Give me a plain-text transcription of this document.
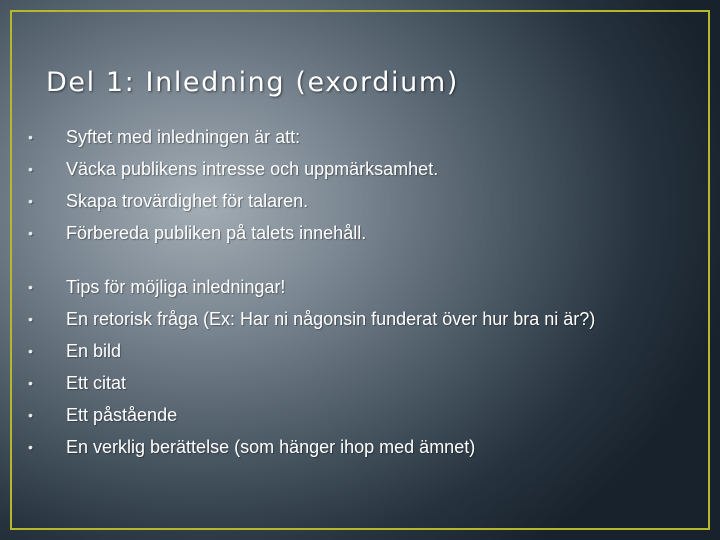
Del 1: Inledning (exordium)
• Syftet med inledningen är att:
• Väcka publikens intresse och uppmärksamhet.
• Skapa trovärdighet för talaren.
• Förbereda publiken på talets innehåll.
• Tips för möjliga inledningar!
• En retorisk fråga (Ex: Har ni någonsin funderat över hur bra ni är?)
• En bild
• Ett citat
• Ett påstående
• En verklig berättelse (som hänger ihop med ämnet)
